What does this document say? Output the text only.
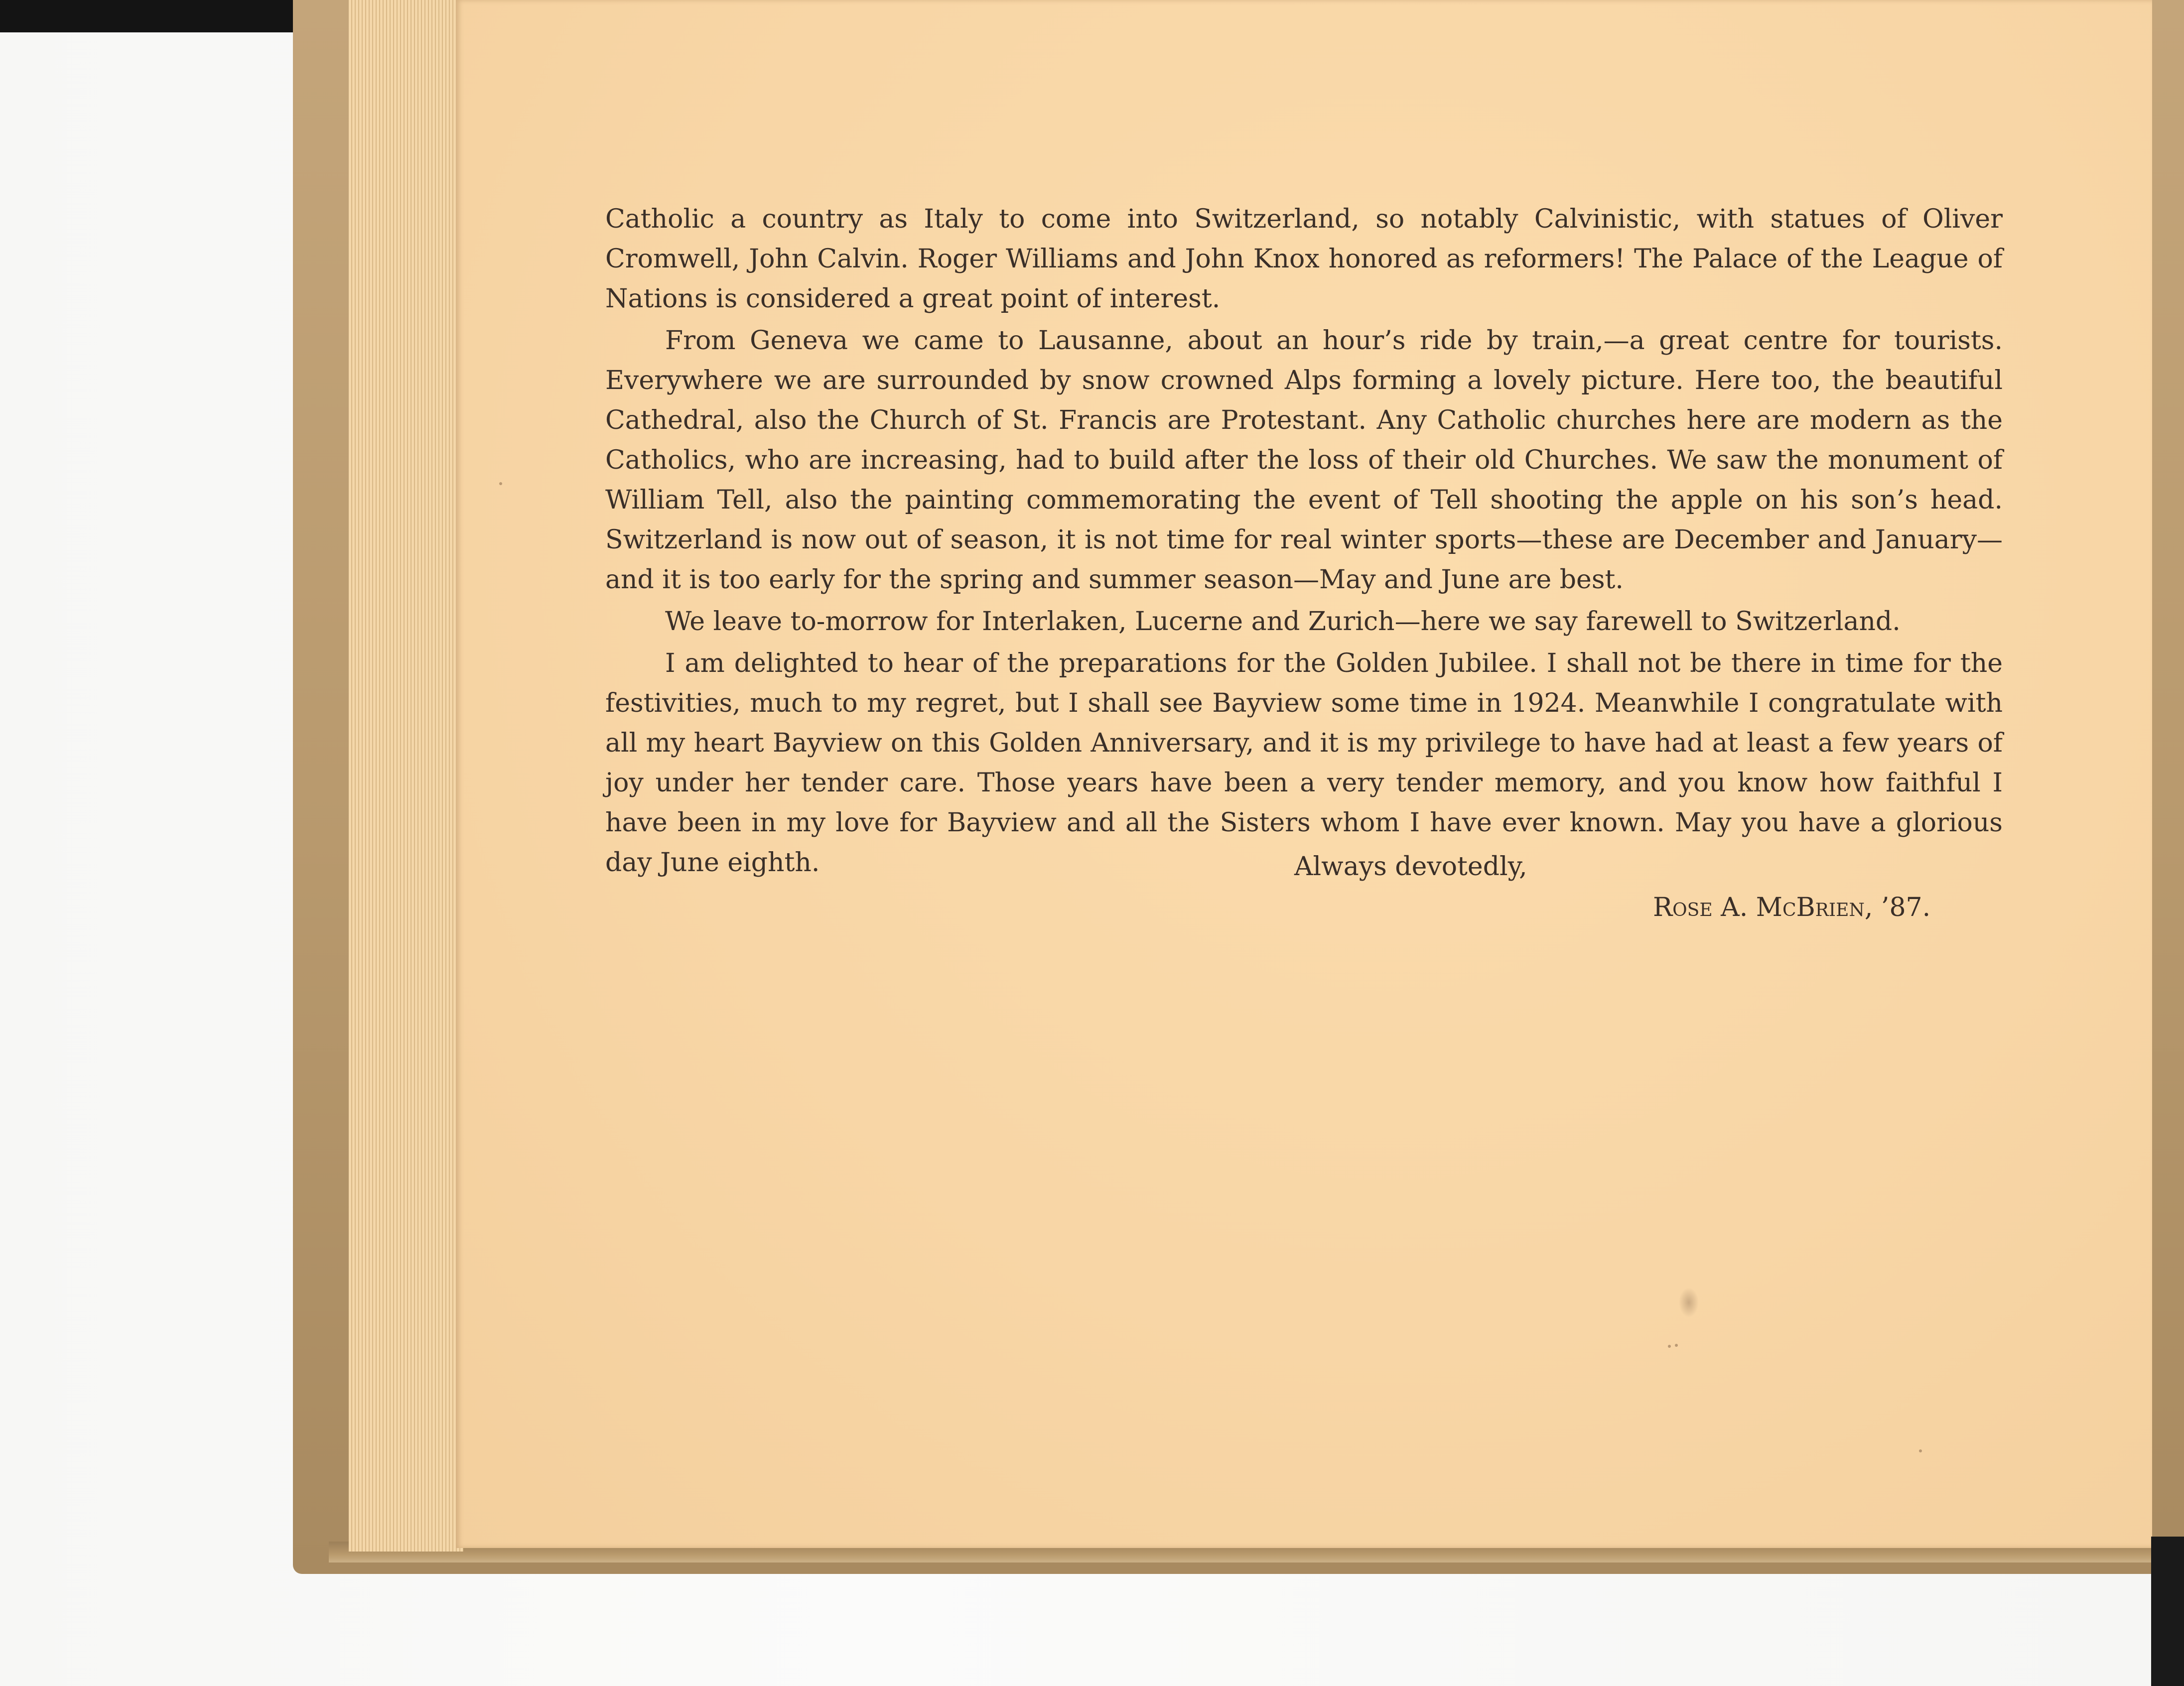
Catholic a country as Italy to come into Switzerland, so notably Calvinistic, with statues of Oliver Cromwell, John Calvin. Roger Williams and John Knox honored as reformers! The Palace of the League of Nations is considered a great point of interest.

From Geneva we came to Lausanne, about an hour’s ride by train,—a great centre for tourists. Everywhere we are surrounded by snow crowned Alps forming a lovely picture. Here too, the beautiful Cathedral, also the Church of St. Francis are Protestant. Any Catholic churches here are modern as the Catholics, who are increasing, had to build after the loss of their old Churches. We saw the monument of William Tell, also the painting commemorating the event of Tell shooting the apple on his son’s head. Switzerland is now out of season, it is not time for real winter sports—these are December and January—and it is too early for the spring and summer season—May and June are best.

We leave to-morrow for Interlaken, Lucerne and Zurich—here we say farewell to Switzerland.

I am delighted to hear of the preparations for the Golden Jubilee. I shall not be there in time for the festivities, much to my regret, but I shall see Bayview some time in 1924. Meanwhile I congratulate with all my heart Bayview on this Golden Anniversary, and it is my privilege to have had at least a few years of joy under her tender care. Those years have been a very tender memory, and you know how faithful I have been in my love for Bayview and all the Sisters whom I have ever known. May you have a glorious day June eighth.	Always devotedly,
Rose A. McBrien, ’87.
